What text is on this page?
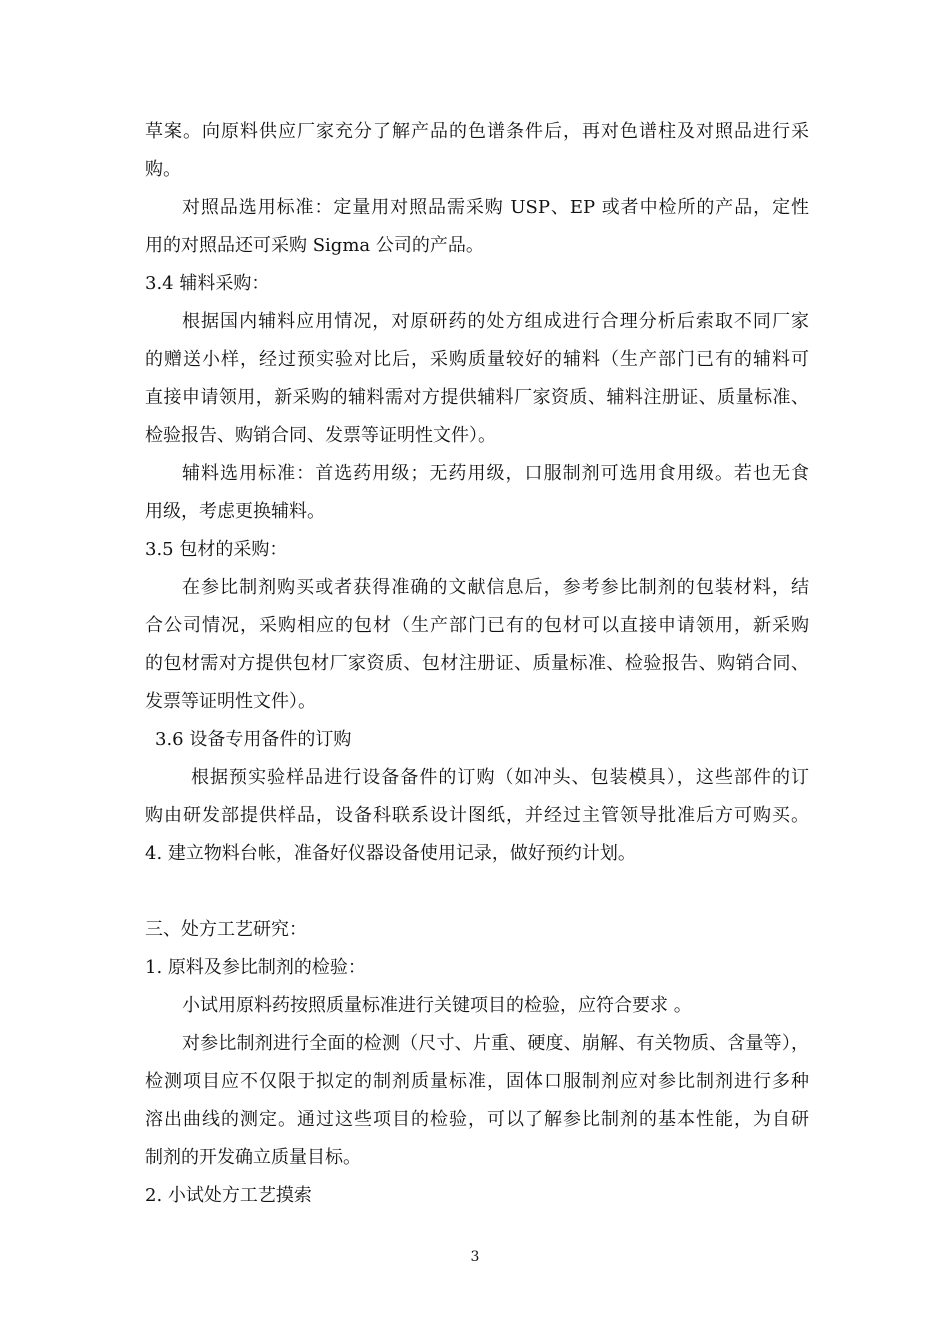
草案。向原料供应厂家充分了解产品的色谱条件后，再对色谱柱及对照品进行采
购。
对照品选用标准：定量用对照品需采购 USP、EP 或者中检所的产品，定性
用的对照品还可采购 Sigma 公司的产品。
3.4 辅料采购：
根据国内辅料应用情况，对原研药的处方组成进行合理分析后索取不同厂家
的赠送小样，经过预实验对比后，采购质量较好的辅料（生产部门已有的辅料可
直接申请领用，新采购的辅料需对方提供辅料厂家资质、辅料注册证、质量标准、
检验报告、购销合同、发票等证明性文件）。
辅料选用标准：首选药用级；无药用级，口服制剂可选用食用级。若也无食
用级，考虑更换辅料。
3.5 包材的采购：
在参比制剂购买或者获得准确的文献信息后，参考参比制剂的包装材料，结
合公司情况，采购相应的包材（生产部门已有的包材可以直接申请领用，新采购
的包材需对方提供包材厂家资质、包材注册证、质量标准、检验报告、购销合同、
发票等证明性文件）。
3.6 设备专用备件的订购
根据预实验样品进行设备备件的订购（如冲头、包装模具），这些部件的订
购由研发部提供样品，设备科联系设计图纸，并经过主管领导批准后方可购买。
4. 建立物料台帐，准备好仪器设备使用记录，做好预约计划。
三、处方工艺研究：
1. 原料及参比制剂的检验：
小试用原料药按照质量标准进行关键项目的检验，应符合要求 。
对参比制剂进行全面的检测（尺寸、片重、硬度、崩解、有关物质、含量等），
检测项目应不仅限于拟定的制剂质量标准，固体口服制剂应对参比制剂进行多种
溶出曲线的测定。通过这些项目的检验，可以了解参比制剂的基本性能，为自研
制剂的开发确立质量目标。
2. 小试处方工艺摸索
3
